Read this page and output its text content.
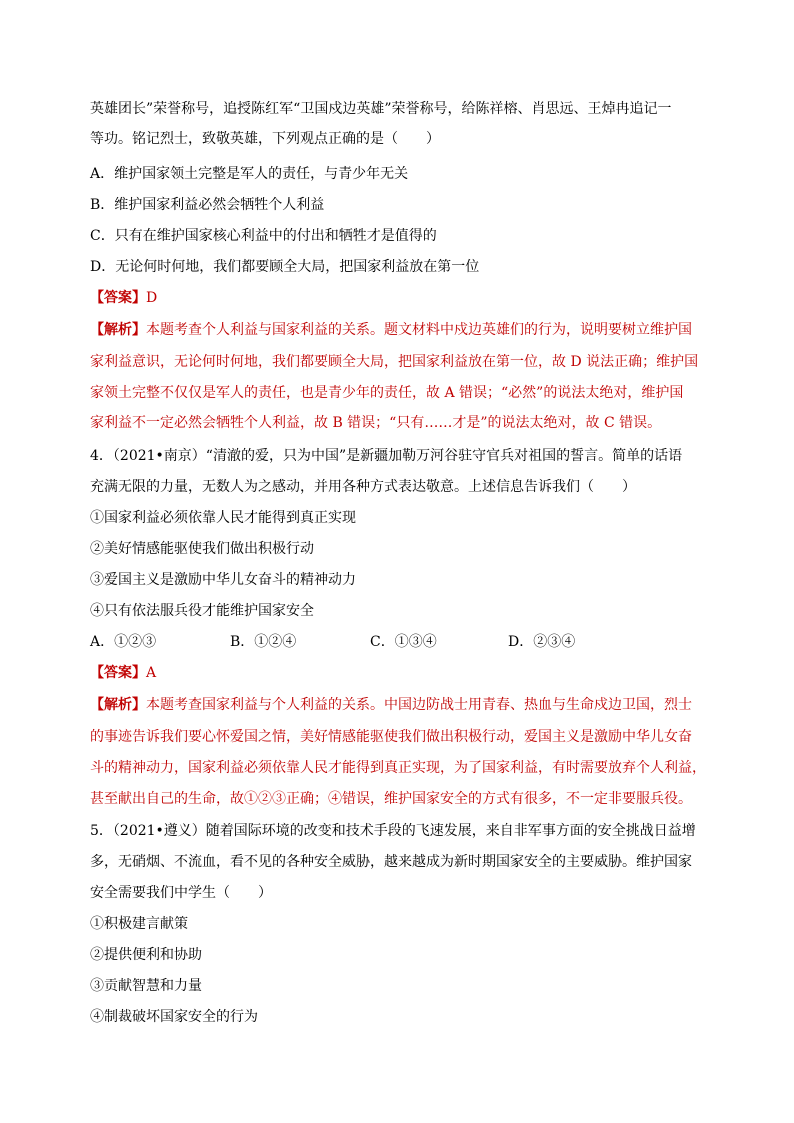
英雄团长”荣誉称号，追授陈红军“卫国戍边英雄”荣誉称号，给陈祥榕、肖思远、王焯冉追记一
等功。铭记烈士，致敬英雄，下列观点正确的是（　　）
A．维护国家领土完整是军人的责任，与青少年无关
B．维护国家利益必然会牺牲个人利益
C．只有在维护国家核心利益中的付出和牺牲才是值得的
D．无论何时何地，我们都要顾全大局，把国家利益放在第一位
【答案】D
【解析】本题考查个人利益与国家利益的关系。题文材料中戍边英雄们的行为，说明要树立维护国
家利益意识，无论何时何地，我们都要顾全大局，把国家利益放在第一位，故 D 说法正确；维护国
家领土完整不仅仅是军人的责任，也是青少年的责任，故 A 错误；“必然”的说法太绝对，维护国
家利益不一定必然会牺牲个人利益，故 B 错误；“只有……才是”的说法太绝对，故 C 错误。
4．（2021•南京）“清澈的爱，只为中国”是新疆加勒万河谷驻守官兵对祖国的誓言。简单的话语
充满无限的力量，无数人为之感动，并用各种方式表达敬意。上述信息告诉我们（　　）
①国家利益必须依靠人民才能得到真正实现
②美好情感能驱使我们做出积极行动
③爱国主义是激励中华儿女奋斗的精神动力
④只有依法服兵役才能维护国家安全
A．①②③	B．①②④	C．①③④	D．②③④
【答案】A
【解析】本题考查国家利益与个人利益的关系。中国边防战士用青春、热血与生命戍边卫国，烈士
的事迹告诉我们要心怀爱国之情，美好情感能驱使我们做出积极行动，爱国主义是激励中华儿女奋
斗的精神动力，国家利益必须依靠人民才能得到真正实现，为了国家利益，有时需要放弃个人利益，
甚至献出自己的生命，故①②③正确；④错误，维护国家安全的方式有很多，不一定非要服兵役。
5．（2021•遵义）随着国际环境的改变和技术手段的飞速发展，来自非军事方面的安全挑战日益增
多，无硝烟、不流血，看不见的各种安全威胁，越来越成为新时期国家安全的主要威胁。维护国家
安全需要我们中学生（　　）
①积极建言献策
②提供便利和协助
③贡献智慧和力量
④制裁破坏国家安全的行为
